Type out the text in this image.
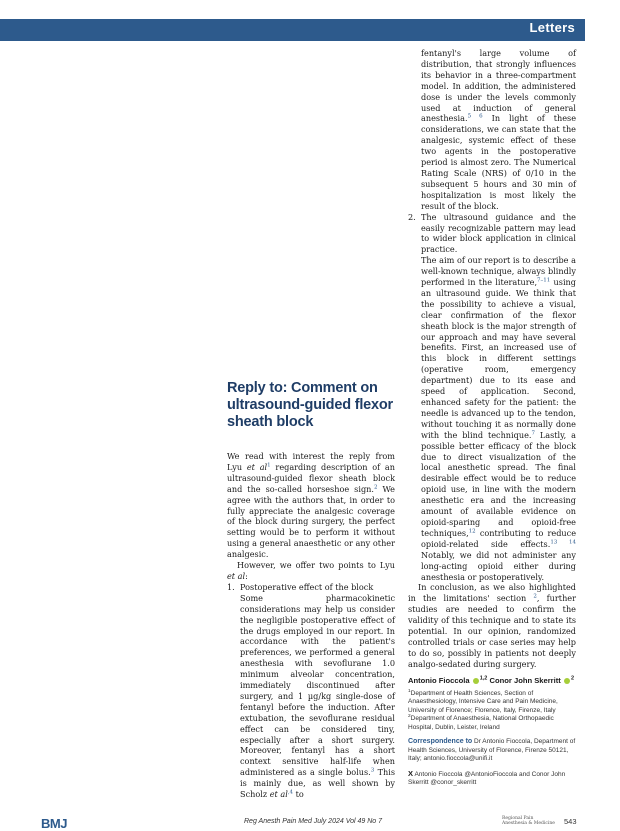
Letters
Reply to: Comment on ultrasound-guided flexor sheath block

We read with interest the reply from Lyu et $al^1$ regarding description of an ultrasound-guided flexor sheath block and the so-called horseshoe sign.$^2$ We agree with the authors that, in order to fully appreciate the analgesic coverage of the block during surgery, the perfect setting would be to perform it without using a general anaesthetic or any other analgesic.

However, we offer two points to Lyu et al:

1. Postoperative effect of the block

Some pharmacokinetic considerations may help us consider the negligible postoperative effect of the drugs employed in our report. In accordance with the patient's preferences, we performed a general anesthesia with sevoflurane 1.0 minimum alveolar concentration, immediately discontinued after surgery, and 1 µg/kg single-dose of fentanyl before the induction. After extubation, the sevoflurane residual effect can be considered tiny, especially after a short surgery. Moreover, fentanyl has a short context sensitive half-life when administered as a single bolus.$^3$ This is mainly due, as well shown by Scholz et $al^{,4}$ to

fentanyl's large volume of distribution, that strongly influences its behavior in a three-compartment model. In addition, the administered dose is under the levels commonly used at induction of general anesthesia.$^{5 6}$ In light of these considerations, we can state that the analgesic, systemic effect of these two agents in the postoperative period is almost zero. The Numerical Rating Scale (NRS) of 0/10 in the subsequent 5 hours and 30 min of hospitalization is most likely the result of the block.

2. The ultrasound guidance and the easily recognizable pattern may lead to wider block application in clinical practice.

The aim of our report is to describe a well-known technique, always blindly performed in the literature,$^{7-11}$ using an ultrasound guide. We think that the possibility to achieve a visual, clear confirmation of the flexor sheath block is the major strength of our approach and may have several benefits. First, an increased use of this block in different settings (operative room, emergency department) due to its ease and speed of application. Second, enhanced safety for the patient: the needle is advanced up to the tendon, without touching it as normally done with the blind technique.$^7$ Lastly, a possible better efficacy of the block due to direct visualization of the local anesthetic spread. The final desirable effect would be to reduce opioid use, in line with the modern anesthetic era and the increasing amount of available evidence on opioid-sparing and opioid-free techniques,$^{12}$ contributing to reduce opioid-related side effects.$^{13 14}$ Notably, we did not administer any long-acting opioid either during anesthesia or postoperatively.

In conclusion, as we also highlighted in the limitations' section $^2$, further studies are needed to confirm the validity of this technique and to state its potential. In our opinion, randomized controlled trials or case series may help to do so, possibly in patients not deeply analgo-sedated during surgery.

Antonio Fioccola $^{1,2}$ Conor John Skerritt $^2$
$^1$Department of Health Sciences, Section of Anaesthesiology, Intensive Care and Pain Medicine, University of Florence; Florence, Italy, Firenze, Italy
$^2$Department of Anaesthesia, National Orthopaedic Hospital, Dublin, Leister, Ireland
Correspondence to Dr Antonio Fioccola, Department of Health Sciences, University of Florence, Firenze 50121, Italy; antonio.fioccola@unifi.it
X Antonio Fioccola @AntonioFioccola and Conor John Skerritt @conor_skerritt
BMJ	Reg Anesth Pain Med July 2024 Vol 49 No 7	Regional Pain
Anesthesia & Medicine 543
